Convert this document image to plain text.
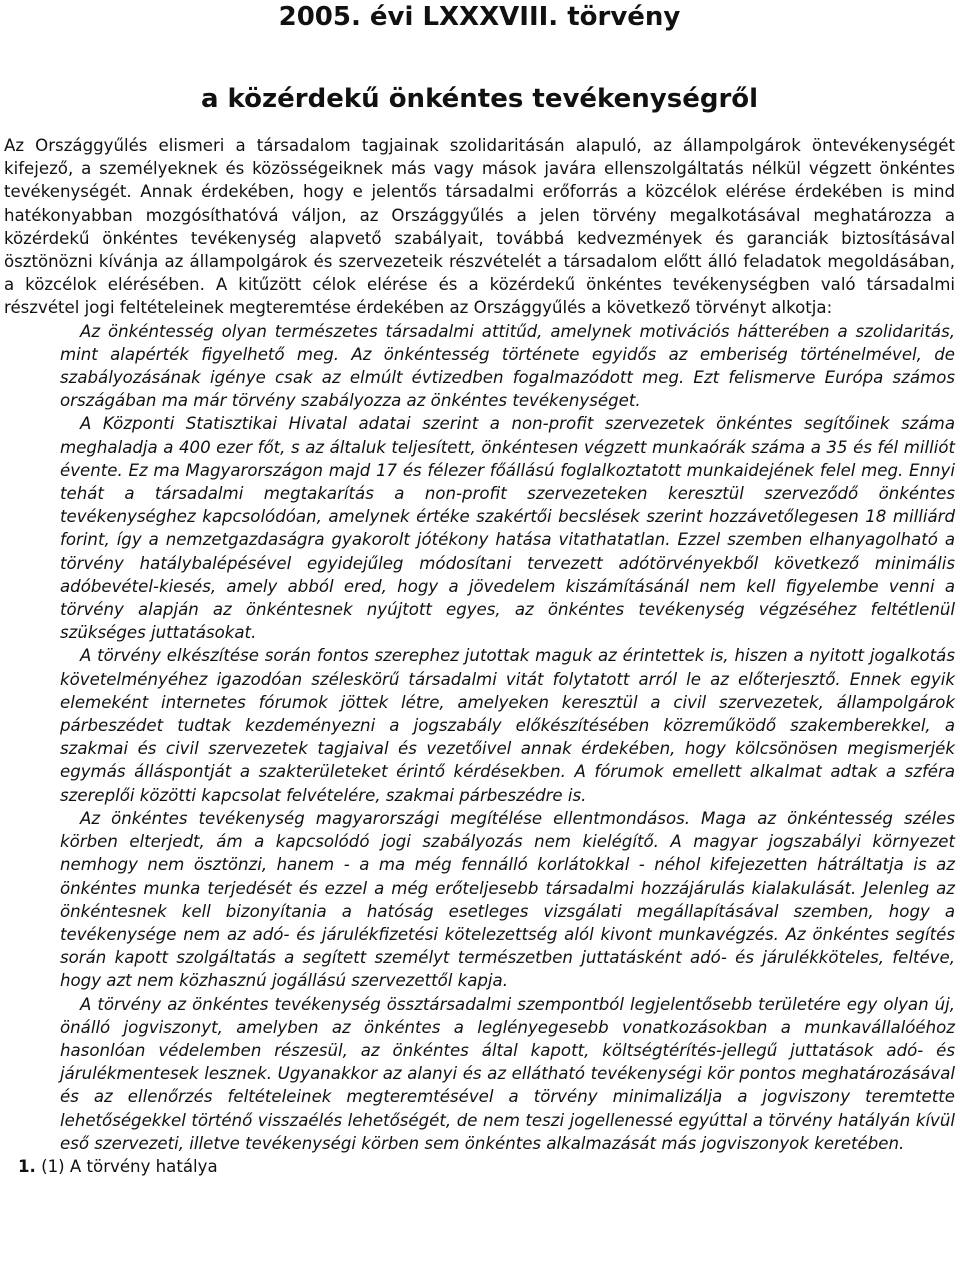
2005. évi LXXXVIII. törvény
a közérdekű önkéntes tevékenységről

Az Országgyűlés elismeri a társadalom tagjainak szolidaritásán alapuló, az állampolgárok öntevékenységét kifejező, a személyeknek és közösségeiknek más vagy mások javára ellenszolgáltatás nélkül végzett önkéntes tevékenységét. Annak érdekében, hogy e jelentős társadalmi erőforrás a közcélok elérése érdekében is mind hatékonyabban mozgósíthatóvá váljon, az Országgyűlés a jelen törvény megalkotásával meghatározza a közérdekű önkéntes tevékenység alapvető szabályait, továbbá kedvezmények és garanciák biztosításával ösztönözni kívánja az állampolgárok és szervezeteik részvételét a társadalom előtt álló feladatok megoldásában, a közcélok elérésében. A kitűzött célok elérése és a közérdekű önkéntes tevékenységben való társadalmi részvétel jogi feltételeinek megteremtése érdekében az Országgyűlés a következő törvényt alkotja:

Az önkéntesség olyan természetes társadalmi attitűd, amelynek motivációs hátterében a szolidaritás, mint alapérték figyelhető meg. Az önkéntesség története egyidős az emberiség történelmével, de szabályozásának igénye csak az elmúlt évtizedben fogalmazódott meg. Ezt felismerve Európa számos országában ma már törvény szabályozza az önkéntes tevékenységet.

A Központi Statisztikai Hivatal adatai szerint a non-profit szervezetek önkéntes segítőinek száma meghaladja a 400 ezer főt, s az általuk teljesített, önkéntesen végzett munkaórák száma a 35 és fél milliót évente. Ez ma Magyarországon majd 17 és félezer főállású foglalkoztatott munkaidejének felel meg. Ennyi tehát a társadalmi megtakarítás a non-profit szervezeteken keresztül szerveződő önkéntes tevékenységhez kapcsolódóan, amelynek értéke szakértői becslések szerint hozzávetőlegesen 18 milliárd forint, így a nemzetgazdaságra gyakorolt jótékony hatása vitathatatlan. Ezzel szemben elhanyagolható a törvény hatálybalépésével egyidejűleg módosítani tervezett adótörvényekből következő minimális adóbevétel-kiesés, amely abból ered, hogy a jövedelem kiszámításánál nem kell figyelembe venni a törvény alapján az önkéntesnek nyújtott egyes, az önkéntes tevékenység végzéséhez feltétlenül szükséges juttatásokat.

A törvény elkészítése során fontos szerephez jutottak maguk az érintettek is, hiszen a nyitott jogalkotás követelményéhez igazodóan széleskörű társadalmi vitát folytatott arról le az előterjesztő. Ennek egyik elemeként internetes fórumok jöttek létre, amelyeken keresztül a civil szervezetek, állampolgárok párbeszédet tudtak kezdeményezni a jogszabály előkészítésében közreműködő szakemberekkel, a szakmai és civil szervezetek tagjaival és vezetőivel annak érdekében, hogy kölcsönösen megismerjék egymás álláspontját a szakterületeket érintő kérdésekben. A fórumok emellett alkalmat adtak a szféra szereplői közötti kapcsolat felvételére, szakmai párbeszédre is.

Az önkéntes tevékenység magyarországi megítélése ellentmondásos. Maga az önkéntesség széles körben elterjedt, ám a kapcsolódó jogi szabályozás nem kielégítő. A magyar jogszabályi környezet nemhogy nem ösztönzi, hanem - a ma még fennálló korlátokkal - néhol kifejezetten hátráltatja is az önkéntes munka terjedését és ezzel a még erőteljesebb társadalmi hozzájárulás kialakulását. Jelenleg az önkéntesnek kell bizonyítania a hatóság esetleges vizsgálati megállapításával szemben, hogy a tevékenysége nem az adó- és járulékfizetési kötelezettség alól kivont munkavégzés. Az önkéntes segítés során kapott szolgáltatás a segített személyt természetben juttatásként adó- és járulékköteles, feltéve, hogy azt nem közhasznú jogállású szervezettől kapja.

A törvény az önkéntes tevékenység össztársadalmi szempontból legjelentősebb területére egy olyan új, önálló jogviszonyt, amelyben az önkéntes a leglényegesebb vonatkozásokban a munkavállalóéhoz hasonlóan védelemben részesül, az önkéntes által kapott, költségtérítés-jellegű juttatások adó- és járulékmentesek lesznek. Ugyanakkor az alanyi és az ellátható tevékenységi kör pontos meghatározásával és az ellenőrzés feltételeinek megteremtésével a törvény minimalizálja a jogviszony teremtette lehetőségekkel történő visszaélés lehetőségét, de nem teszi jogellenessé egyúttal a törvény hatályán kívül eső szervezeti, illetve tevékenységi körben sem önkéntes alkalmazását más jogviszonyok keretében.

1. (1) A törvény hatálya
